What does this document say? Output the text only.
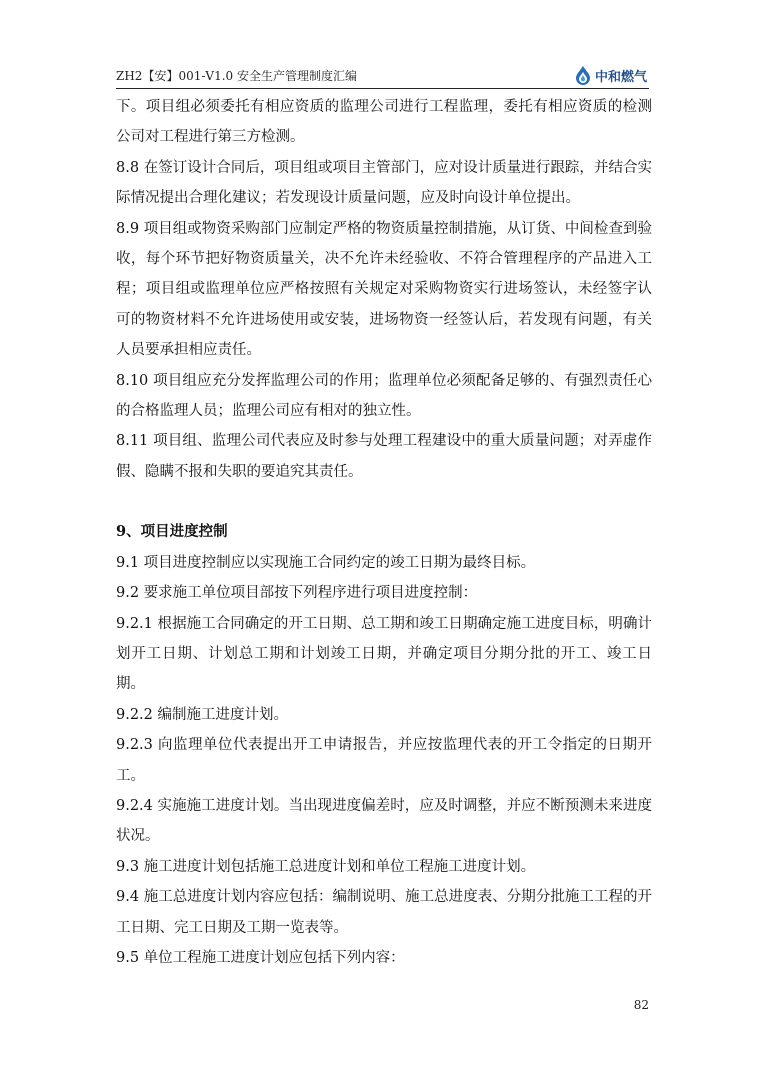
ZH2【安】001-V1.0 安全生产管理制度汇编	中和燃气

下。项目组必须委托有相应资质的监理公司进行工程监理，委托有相应资质的检测公司对工程进行第三方检测。

8.8 在签订设计合同后，项目组或项目主管部门，应对设计质量进行跟踪，并结合实际情况提出合理化建议；若发现设计质量问题，应及时向设计单位提出。

8.9 项目组或物资采购部门应制定严格的物资质量控制措施，从订货、中间检查到验收，每个环节把好物资质量关，决不允许未经验收、不符合管理程序的产品进入工程；项目组或监理单位应严格按照有关规定对采购物资实行进场签认，未经签字认可的物资材料不允许进场使用或安装，进场物资一经签认后，若发现有问题，有关人员要承担相应责任。

8.10 项目组应充分发挥监理公司的作用；监理单位必须配备足够的、有强烈责任心的合格监理人员；监理公司应有相对的独立性。

8.11 项目组、监理公司代表应及时参与处理工程建设中的重大质量问题；对弄虚作假、隐瞒不报和失职的要追究其责任。

9、项目进度控制

9.1 项目进度控制应以实现施工合同约定的竣工日期为最终目标。

9.2 要求施工单位项目部按下列程序进行项目进度控制：

9.2.1 根据施工合同确定的开工日期、总工期和竣工日期确定施工进度目标，明确计划开工日期、计划总工期和计划竣工日期，并确定项目分期分批的开工、竣工日期。

9.2.2 编制施工进度计划。

9.2.3 向监理单位代表提出开工申请报告，并应按监理代表的开工令指定的日期开工。

9.2.4 实施施工进度计划。当出现进度偏差时，应及时调整，并应不断预测未来进度状况。

9.3 施工进度计划包括施工总进度计划和单位工程施工进度计划。

9.4 施工总进度计划内容应包括：编制说明、施工总进度表、分期分批施工工程的开工日期、完工日期及工期一览表等。

9.5 单位工程施工进度计划应包括下列内容：

82
